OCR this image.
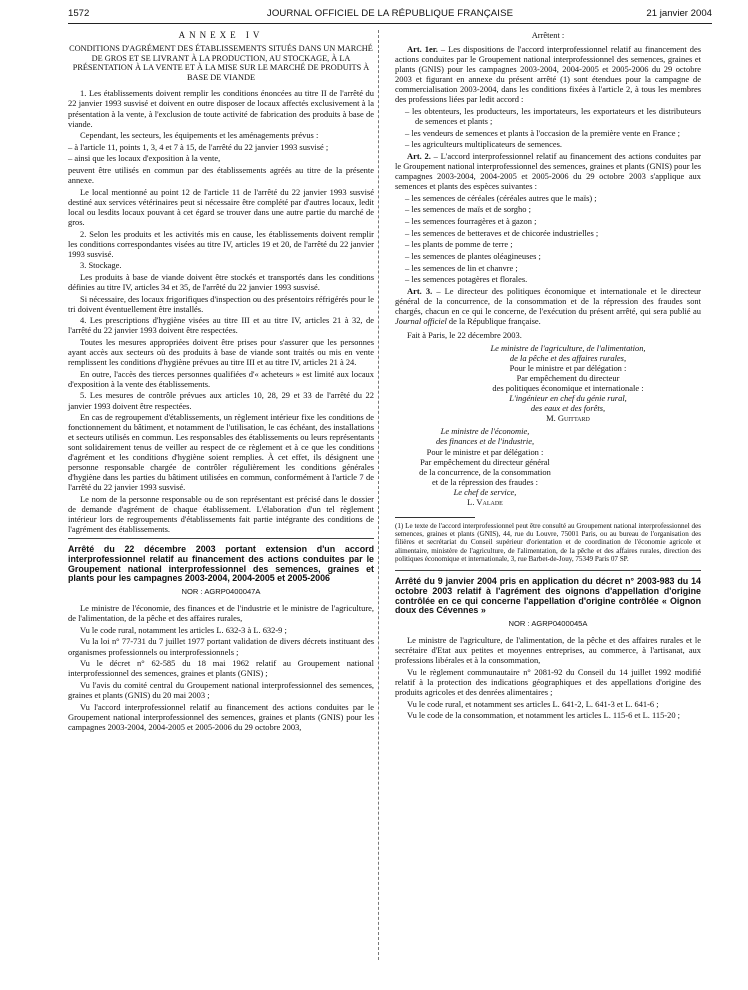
1572	JOURNAL OFFICIEL DE LA RÉPUBLIQUE FRANÇAISE	21 janvier 2004
ANNEXE IV
CONDITIONS D'AGRÉMENT DES ÉTABLISSEMENTS SITUÉS DANS UN MARCHÉ DE GROS ET SE LIVRANT À LA PRODUCTION, AU STOCKAGE, À LA PRÉSENTATION À LA VENTE ET À LA MISE SUR LE MARCHÉ DE PRODUITS À BASE DE VIANDE

1. Les établissements doivent remplir les conditions énoncées au titre II de l'arrêté du 22 janvier 1993 susvisé et doivent en outre disposer de locaux affectés exclusivement à la présentation à la vente, à l'exclusion de toute activité de fabrication des produits à base de viande.

Cependant, les secteurs, les équipements et les aménagements prévus :

– à l'article 11, points 1, 3, 4 et 7 à 15, de l'arrêté du 22 janvier 1993 susvisé ;

– ainsi que les locaux d'exposition à la vente,

peuvent être utilisés en commun par des établissements agréés au titre de la présente annexe.

Le local mentionné au point 12 de l'article 11 de l'arrêté du 22 janvier 1993 susvisé destiné aux services vétérinaires peut si nécessaire être complété par d'autres locaux, ledit local ou lesdits locaux pouvant à cet égard se trouver dans une autre partie du marché de gros.

2. Selon les produits et les activités mis en cause, les établissements doivent remplir les conditions correspondantes visées au titre IV, articles 19 et 20, de l'arrêté du 22 janvier 1993 susvisé.

3. Stockage.

Les produits à base de viande doivent être stockés et transportés dans les conditions définies au titre IV, articles 34 et 35, de l'arrêté du 22 janvier 1993 susvisé.

Si nécessaire, des locaux frigorifiques d'inspection ou des présentoirs réfrigérés pour le tri doivent éventuellement être installés.

4. Les prescriptions d'hygiène visées au titre III et au titre IV, articles 21 à 32, de l'arrêté du 22 janvier 1993 doivent être respectées.

Toutes les mesures appropriées doivent être prises pour s'assurer que les personnes ayant accès aux secteurs où des produits à base de viande sont traités ou mis en vente remplissent les conditions d'hygiène prévues au titre III et au titre IV, articles 21 à 24.

En outre, l'accès des tierces personnes qualifiées d'« acheteurs » est limité aux locaux d'exposition à la vente des établissements.

5. Les mesures de contrôle prévues aux articles 10, 28, 29 et 33 de l'arrêté du 22 janvier 1993 doivent être respectées.

En cas de regroupement d'établissements, un règlement intérieur fixe les conditions de fonctionnement du bâtiment, et notamment de l'utilisation, le cas échéant, des installations et secteurs utilisés en commun. Les responsables des établissements ou leurs représentants sont solidairement tenus de veiller au respect de ce règlement et à ce que les conditions d'agrément et les conditions d'hygiène soient remplies. À cet effet, ils désignent une personne responsable chargée de contrôler régulièrement les conditions générales d'hygiène dans les parties du bâtiment utilisées en commun, conformément à l'article 7 de l'arrêté du 22 janvier 1993 susvisé.

Le nom de la personne responsable ou de son représentant est précisé dans le dossier de demande d'agrément de chaque établissement. L'élaboration d'un tel règlement intérieur lors de regroupements d'établissements fait partie intégrante des conditions de l'agrément des établissements.

Arrêté du 22 décembre 2003 portant extension d'un accord interprofessionnel relatif au financement des actions conduites par le Groupement national interprofessionnel des semences, graines et plants pour les campagnes 2003-2004, 2004-2005 et 2005-2006
NOR : AGRP0400047A

Le ministre de l'économie, des finances et de l'industrie et le ministre de l'agriculture, de l'alimentation, de la pêche et des affaires rurales,

Vu le code rural, notamment les articles L. 632-3 à L. 632-9 ;

Vu la loi n° 77-731 du 7 juillet 1977 portant validation de divers décrets instituant des organismes professionnels ou interprofessionnels ;

Vu le décret n° 62-585 du 18 mai 1962 relatif au Groupement national interprofessionnel des semences, graines et plants (GNIS) ;

Vu l'avis du comité central du Groupement national interprofessionnel des semences, graines et plants (GNIS) du 20 mai 2003 ;

Vu l'accord interprofessionnel relatif au financement des actions conduites par le Groupement national interprofessionnel des semences, graines et plants (GNIS) pour les campagnes 2003-2004, 2004-2005 et 2005-2006 du 29 octobre 2003,

Arrêtent :

Art. 1er. – Les dispositions de l'accord interprofessionnel relatif au financement des actions conduites par le Groupement national interprofessionnel des semences, graines et plants (GNIS) pour les campagnes 2003-2004, 2004-2005 et 2005-2006 du 29 octobre 2003 et figurant en annexe du présent arrêté (1) sont étendues pour la campagne de commercialisation 2003-2004, dans les conditions fixées à l'article 2, à tous les membres des professions liées par ledit accord :

– les obtenteurs, les producteurs, les importateurs, les exportateurs et les distributeurs de semences et plants ;

– les vendeurs de semences et plants à l'occasion de la première vente en France ;

– les agriculteurs multiplicateurs de semences.

Art. 2. – L'accord interprofessionnel relatif au financement des actions conduites par le Groupement national interprofessionnel des semences, graines et plants (GNIS) pour les campagnes 2003-2004, 2004-2005 et 2005-2006 du 29 octobre 2003 s'applique aux semences et plants des espèces suivantes :

– les semences de céréales (céréales autres que le maïs) ;

– les semences de maïs et de sorgho ;

– les semences fourragères et à gazon ;

– les semences de betteraves et de chicorée industrielles ;

– les plants de pomme de terre ;

– les semences de plantes oléagineuses ;

– les semences de lin et chanvre ;

– les semences potagères et florales.

Art. 3. – Le directeur des politiques économique et internationale et le directeur général de la concurrence, de la consommation et de la répression des fraudes sont chargés, chacun en ce qui le concerne, de l'exécution du présent arrêté, qui sera publié au Journal officiel de la République française.

Fait à Paris, le 22 décembre 2003.

Le ministre de l'agriculture, de l'alimentation,
de la pêche et des affaires rurales,
Pour le ministre et par délégation :
Par empêchement du directeur
des politiques économique et internationale :
L'ingénieur en chef du génie rural,
des eaux et des forêts,
M. Guittard
Le ministre de l'économie,
des finances et de l'industrie,
Pour le ministre et par délégation :
Par empêchement du directeur général
de la concurrence, de la consommation
et de la répression des fraudes :
Le chef de service,
L. Valade

(1) Le texte de l'accord interprofessionnel peut être consulté au Groupement national interprofessionnel des semences, graines et plants (GNIS), 44, rue du Louvre, 75001 Paris, ou au bureau de l'organisation des filières et secrétariat du Conseil supérieur d'orientation et de coordination de l'économie agricole et alimentaire, ministère de l'agriculture, de l'alimentation, de la pêche et des affaires rurales, direction des politiques économique et internationale, 3, rue Barbet-de-Jouy, 75349 Paris 07 SP.

Arrêté du 9 janvier 2004 pris en application du décret n° 2003-983 du 14 octobre 2003 relatif à l'agrément des oignons d'appellation d'origine contrôlée en ce qui concerne l'appellation d'origine contrôlée « Oignon doux des Cévennes »
NOR : AGRP0400045A

Le ministre de l'agriculture, de l'alimentation, de la pêche et des affaires rurales et le secrétaire d'Etat aux petites et moyennes entreprises, au commerce, à l'artisanat, aux professions libérales et à la consommation,

Vu le règlement communautaire n° 2081-92 du Conseil du 14 juillet 1992 modifié relatif à la protection des indications géographiques et des appellations d'origine des produits agricoles et des denrées alimentaires ;

Vu le code rural, et notamment ses articles L. 641-2, L. 641-3 et L. 641-6 ;

Vu le code de la consommation, et notamment les articles L. 115-6 et L. 115-20 ;
